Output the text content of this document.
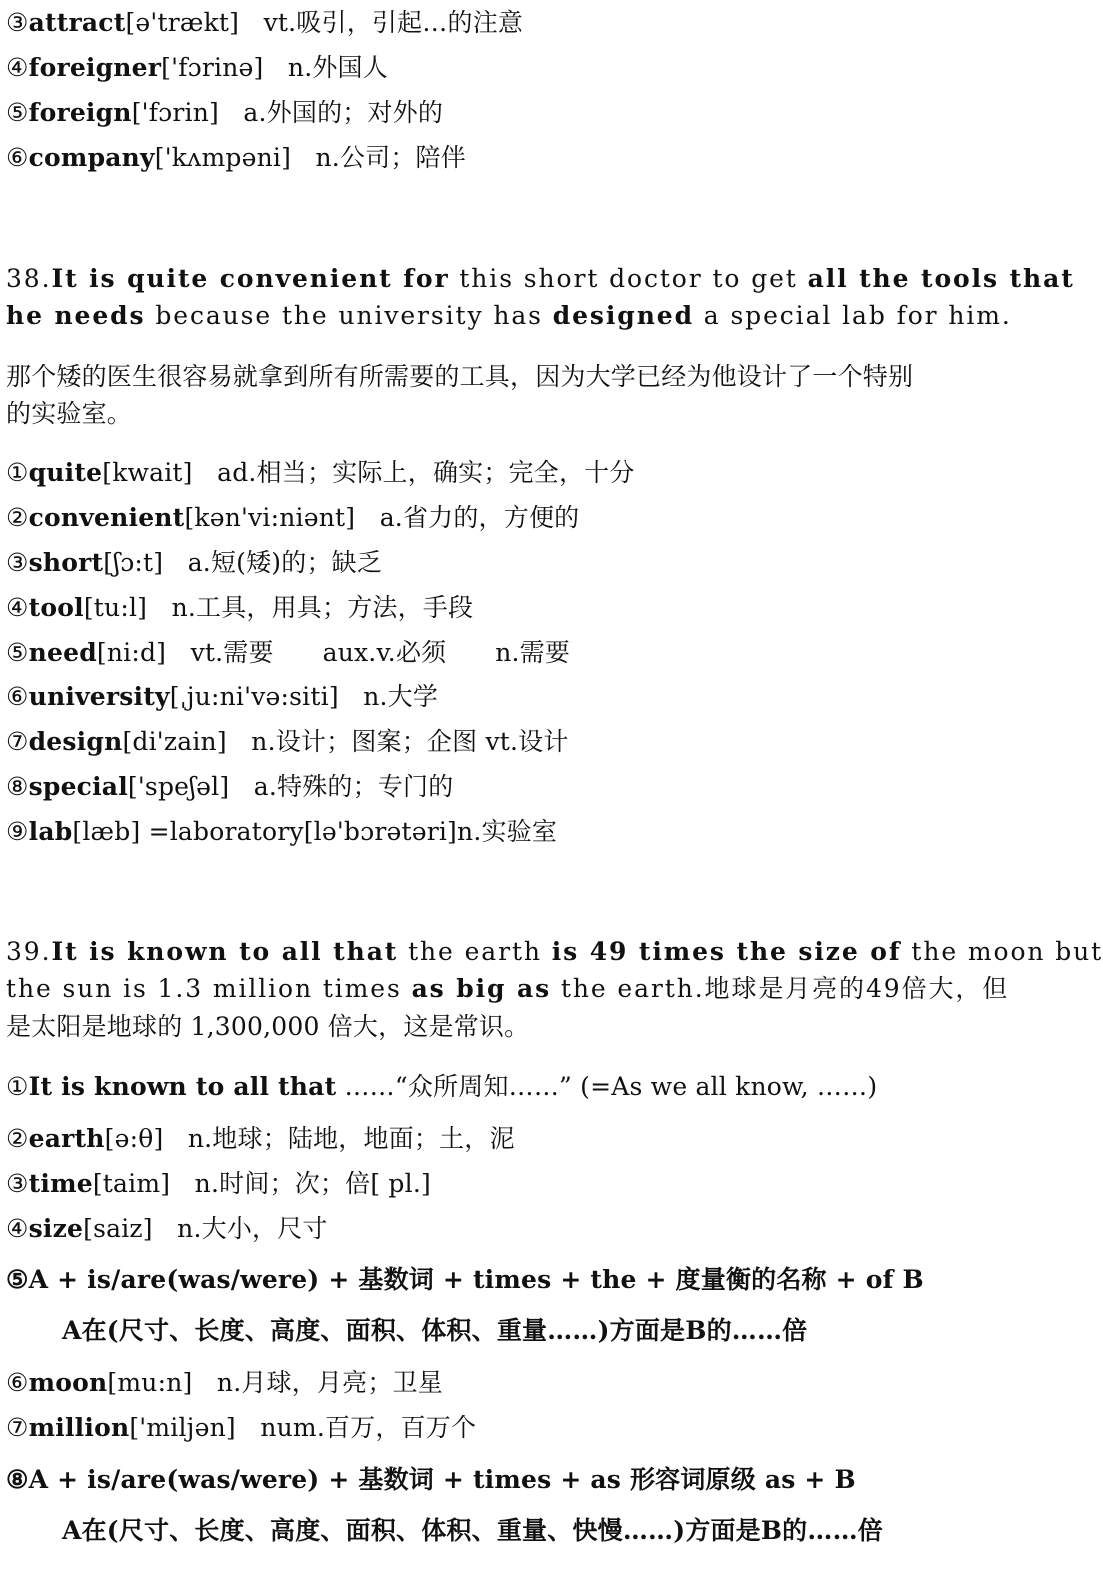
③attract[ə'trækt] vt.吸引，引起…的注意
④foreigner['fɔrinə] n.外国人
⑤foreign['fɔrin] a.外国的；对外的
⑥company['kʌmpəni] n.公司；陪伴
38.It is quite convenient for this short doctor to get all the tools that
he needs because the university has designed a special lab for him.
那个矮的医生很容易就拿到所有所需要的工具，因为大学已经为他设计了一个特别
的实验室。
①quite[kwait] ad.相当；实际上，确实；完全，十分
②convenient[kən'vi:niənt] a.省力的，方便的
③short[ʃɔ:t] a.短(矮)的；缺乏
④tool[tu:l] n.工具，用具；方法，手段
⑤need[ni:d] vt.需要      aux.v.必须      n.需要
⑥university[ˌju:ni'və:siti] n.大学
⑦design[di'zain] n.设计；图案；企图 vt.设计
⑧special['speʃəl] a.特殊的；专门的
⑨lab[læb] =laboratory[lə'bɔrətəri]n.实验室
39.It is known to all that the earth is 49 times the size of the moon but
the sun is 1.3 million times as big as the earth.地球是月亮的49倍大，但
是太阳是地球的 1,300,000 倍大，这是常识。
①It is known to all that ……“众所周知……” (=As we all know, ……)
②earth[ə:θ] n.地球；陆地，地面；土，泥
③time[taim] n.时间；次；倍[ pl.]
④size[saiz] n.大小，尺寸
⑤A + is/are(was/were) + 基数词 + times + the + 度量衡的名称 + of B
A在(尺寸、长度、高度、面积、体积、重量……)方面是B的……倍
⑥moon[mu:n] n.月球，月亮；卫星
⑦million['miljən] num.百万，百万个
⑧A + is/are(was/were) + 基数词 + times + as 形容词原级 as + B
A在(尺寸、长度、高度、面积、体积、重量、快慢……)方面是B的……倍
